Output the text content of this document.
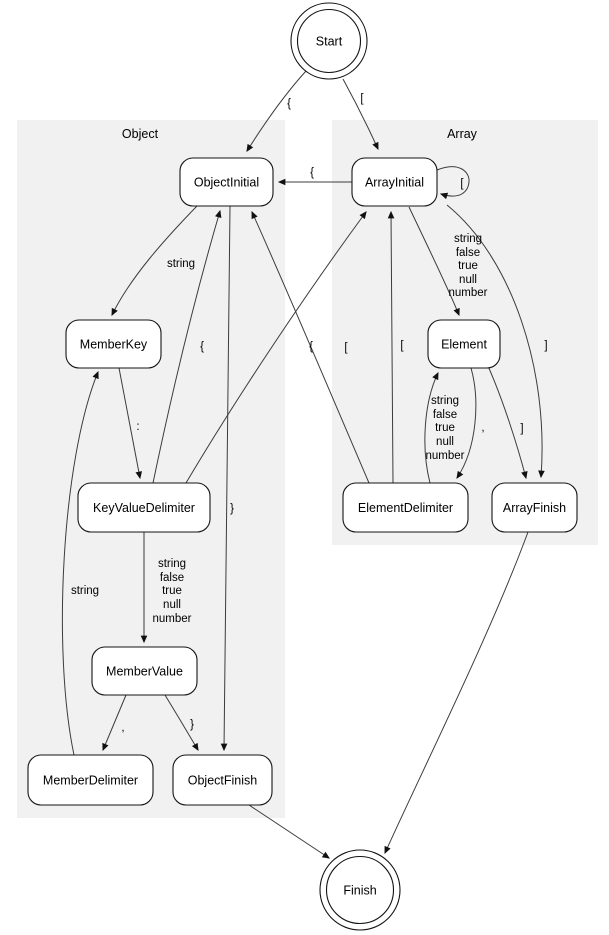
Object	Array
{	[
{
[
string
:
{	[
string
false
true
null
number
string
,	}
}
string
false
true
null
number
string
false
true
null
number
,	]
[
{	]
Start
ObjectInitial	ArrayInitial
MemberKey	Element
KeyValueDelimiter	ElementDelimiter	ArrayFinish
MemberValue
MemberDelimiter	ObjectFinish
Finish
